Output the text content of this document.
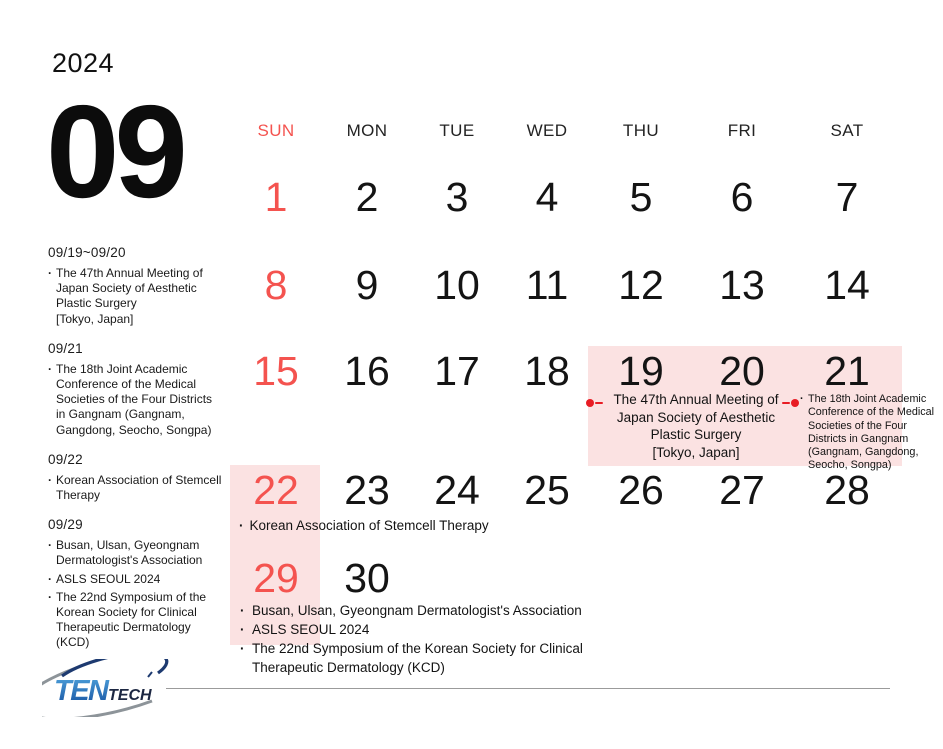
2024
09
09/19~09/20
· The 47th Annual Meeting of Japan Society of Aesthetic Plastic Surgery
[Tokyo, Japan]
09/21
· The 18th Joint Academic Conference of the Medical Societies of the Four Districts in Gangnam (Gangnam, Gangdong, Seocho, Songpa)
09/22
· Korean Association of Stemcell Therapy
09/29
· Busan, Ulsan, Gyeongnam Dermatologist's Association
· ASLS SEOUL 2024
· The 22nd Symposium of the Korean Society for Clinical Therapeutic Dermatology (KCD)
SUN	MON	TUE	WED	THU	FRI	SAT
1	2	3	4	5	6	7
8	9	10	11	12	13	14
15	16	17	18	19	20	21
22	23	24	25	26	27	28
29	30
The 47th Annual Meeting of Japan Society of Aesthetic Plastic Surgery
[Tokyo, Japan]
· The 18th Joint Academic Conference of the Medical Societies of the Four Districts in Gangnam (Gangnam, Gangdong, Seocho, Songpa)
· Korean Association of Stemcell Therapy
· Busan, Ulsan, Gyeongnam Dermatologist's Association
· ASLS SEOUL 2024
· The 22nd Symposium of the Korean Society for Clinical Therapeutic Dermatology (KCD)
TEN TECH
